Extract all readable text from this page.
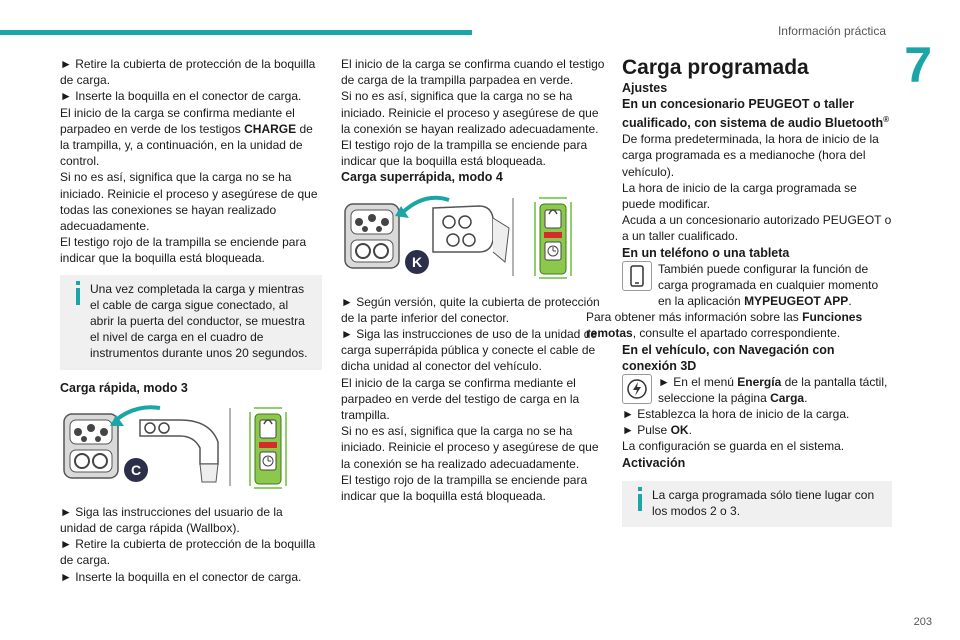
Información práctica
7

► Retire la cubierta de protección de la boquilla de carga.

► Inserte la boquilla en el conector de carga.

El inicio de la carga se confirma mediante el parpadeo en verde de los testigos CHARGE de la trampilla, y, a continuación, en la unidad de control.

Si no es así, significa que la carga no se ha iniciado. Reinicie el proceso y asegúrese de que todas las conexiones se hayan realizado adecuadamente.

El testigo rojo de la trampilla se enciende para indicar que la boquilla está bloqueada.

Una vez completada la carga y mientras el cable de carga sigue conectado, al abrir la puerta del conductor, se muestra el nivel de carga en el cuadro de instrumentos durante unos 20 segundos.

Carga rápida, modo 3

C

► Siga las instrucciones del usuario de la unidad de carga rápida (Wallbox).

► Retire la cubierta de protección de la boquilla de carga.

► Inserte la boquilla en el conector de carga.

El inicio de la carga se confirma cuando el testigo de carga de la trampilla parpadea en verde.

Si no es así, significa que la carga no se ha iniciado. Reinicie el proceso y asegúrese de que la conexión se hayan realizado adecuadamente.

El testigo rojo de la trampilla se enciende para indicar que la boquilla está bloqueada.

Carga superrápida, modo 4

K

► Según versión, quite la cubierta de protección de la parte inferior del conector.

► Siga las instrucciones de uso de la unidad de carga superrápida pública y conecte el cable de dicha unidad al conector del vehículo.

El inicio de la carga se confirma mediante el parpadeo en verde del testigo de carga en la trampilla.

Si no es así, significa que la carga no se ha iniciado. Reinicie el proceso y asegúrese de que la conexión se ha realizado adecuadamente.

El testigo rojo de la trampilla se enciende para indicar que la boquilla está bloqueada.

Carga programada

Ajustes

En un concesionario PEUGEOT o taller cualificado, con sistema de audio Bluetooth®

De forma predeterminada, la hora de inicio de la carga programada es a medianoche (hora del vehículo).

La hora de inicio de la carga programada se puede modificar.

Acuda a un concesionario autorizado PEUGEOT o a un taller cualificado.

En un teléfono o una tableta

También puede configurar la función de carga programada en cualquier momento en la aplicación MYPEUGEOT APP.

Para obtener más información sobre las Funciones remotas, consulte el apartado correspondiente.

En el vehículo, con Navegación con conexión 3D

► En el menú Energía de la pantalla táctil, seleccione la página Carga.

► Establezca la hora de inicio de la carga.

► Pulse OK.

La configuración se guarda en el sistema.

Activación

La carga programada sólo tiene lugar con los modos 2 o 3.

203
